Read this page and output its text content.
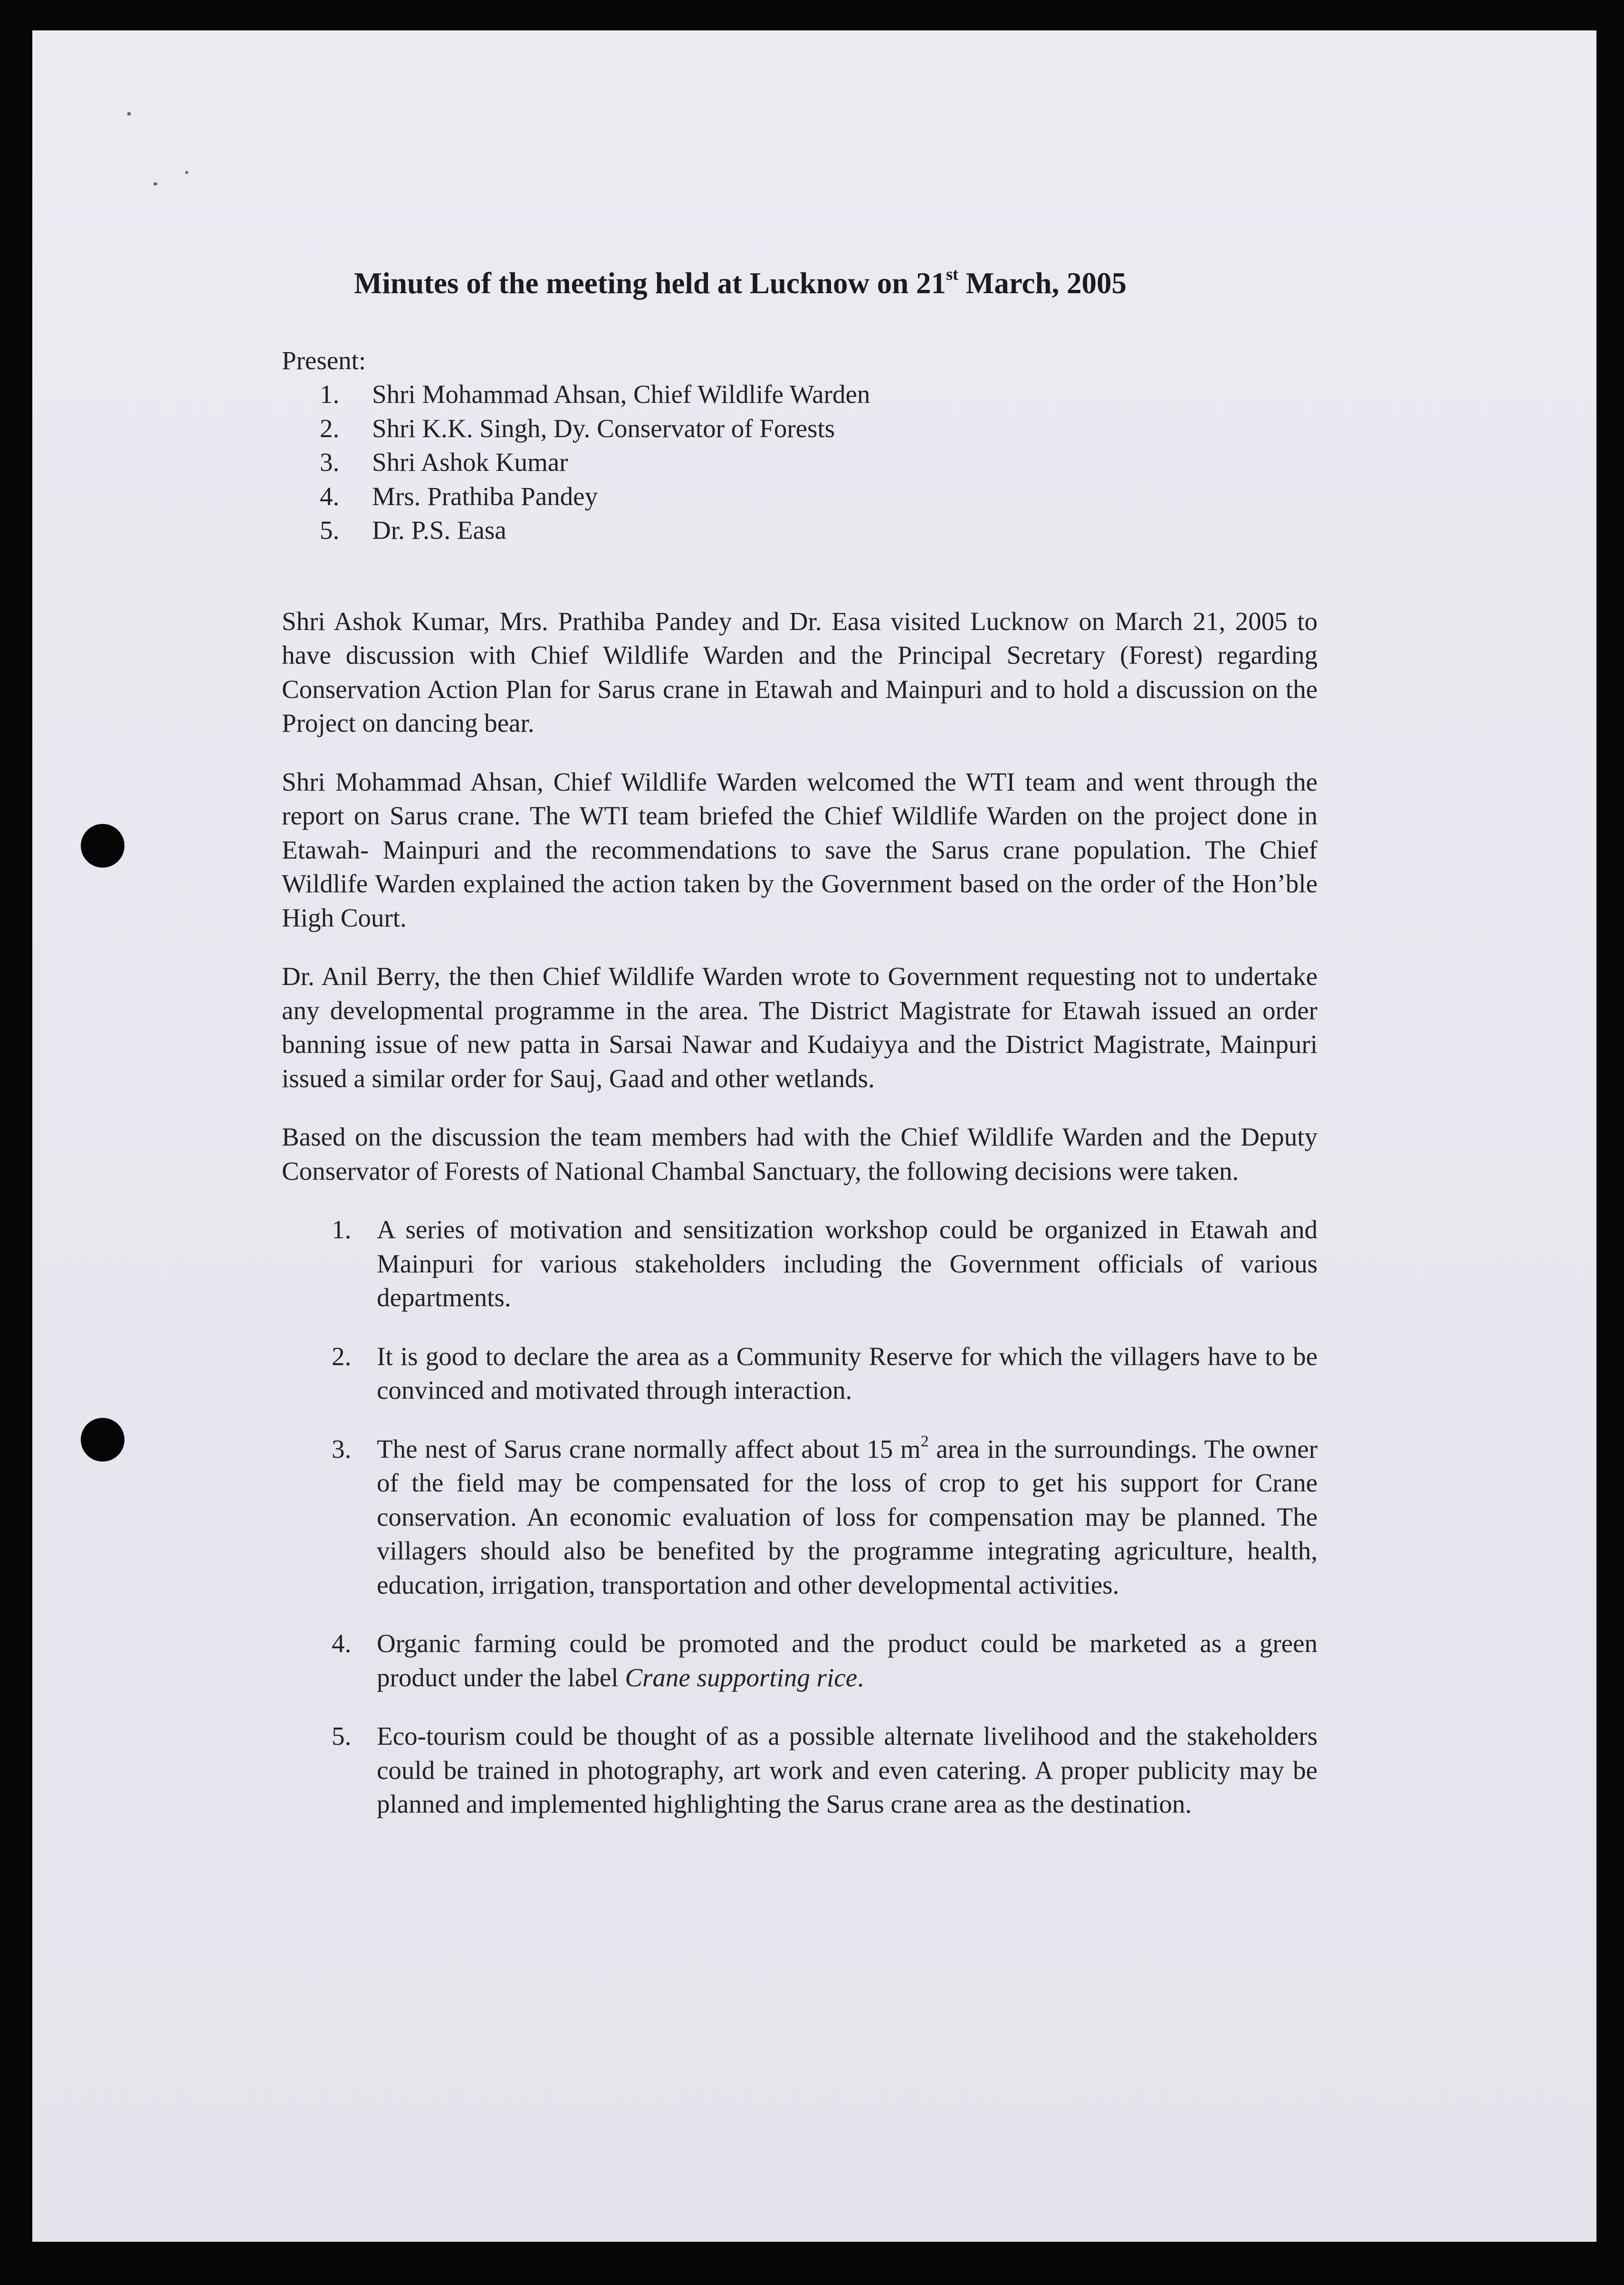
Minutes of the meeting held at Lucknow on 21st March, 2005
Present:
1.	Shri Mohammad Ahsan, Chief Wildlife Warden
2.	Shri K.K. Singh, Dy. Conservator of Forests
3.	Shri Ashok Kumar
4.	Mrs. Prathiba Pandey
5.	Dr. P.S. Easa

Shri Ashok Kumar, Mrs. Prathiba Pandey and Dr. Easa visited Lucknow on March 21, 2005 to have discussion with Chief Wildlife Warden and the Principal Secretary (Forest) regarding Conservation Action Plan for Sarus crane in Etawah and Mainpuri and to hold a discussion on the Project on dancing bear.

Shri Mohammad Ahsan, Chief Wildlife Warden welcomed the WTI team and went through the report on Sarus crane. The WTI team briefed the Chief Wildlife Warden on the project done in Etawah- Mainpuri and the recommendations to save the Sarus crane population. The Chief Wildlife Warden explained the action taken by the Government based on the order of the Hon’ble High Court.

Dr. Anil Berry, the then Chief Wildlife Warden wrote to Government requesting not to undertake any developmental programme in the area. The District Magistrate for Etawah issued an order banning issue of new patta in Sarsai Nawar and Kudaiyya and the District Magistrate, Mainpuri issued a similar order for Sauj, Gaad and other wetlands.

Based on the discussion the team members had with the Chief Wildlife Warden and the Deputy Conservator of Forests of National Chambal Sanctuary, the following decisions were taken.

1. A series of motivation and sensitization workshop could be organized in Etawah and Mainpuri for various stakeholders including the Government officials of various departments.
2. It is good to declare the area as a Community Reserve for which the villagers have to be convinced and motivated through interaction.
3. The nest of Sarus crane normally affect about 15 $m^2$ area in the surroundings. The owner of the field may be compensated for the loss of crop to get his support for Crane conservation. An economic evaluation of loss for compensation may be planned. The villagers should also be benefited by the programme integrating agriculture, health, education, irrigation, transportation and other developmental activities.
4. Organic farming could be promoted and the product could be marketed as a green product under the label Crane supporting rice.
5. Eco-tourism could be thought of as a possible alternate livelihood and the stakeholders could be trained in photography, art work and even catering. A proper publicity may be planned and implemented highlighting the Sarus crane area as the destination.
